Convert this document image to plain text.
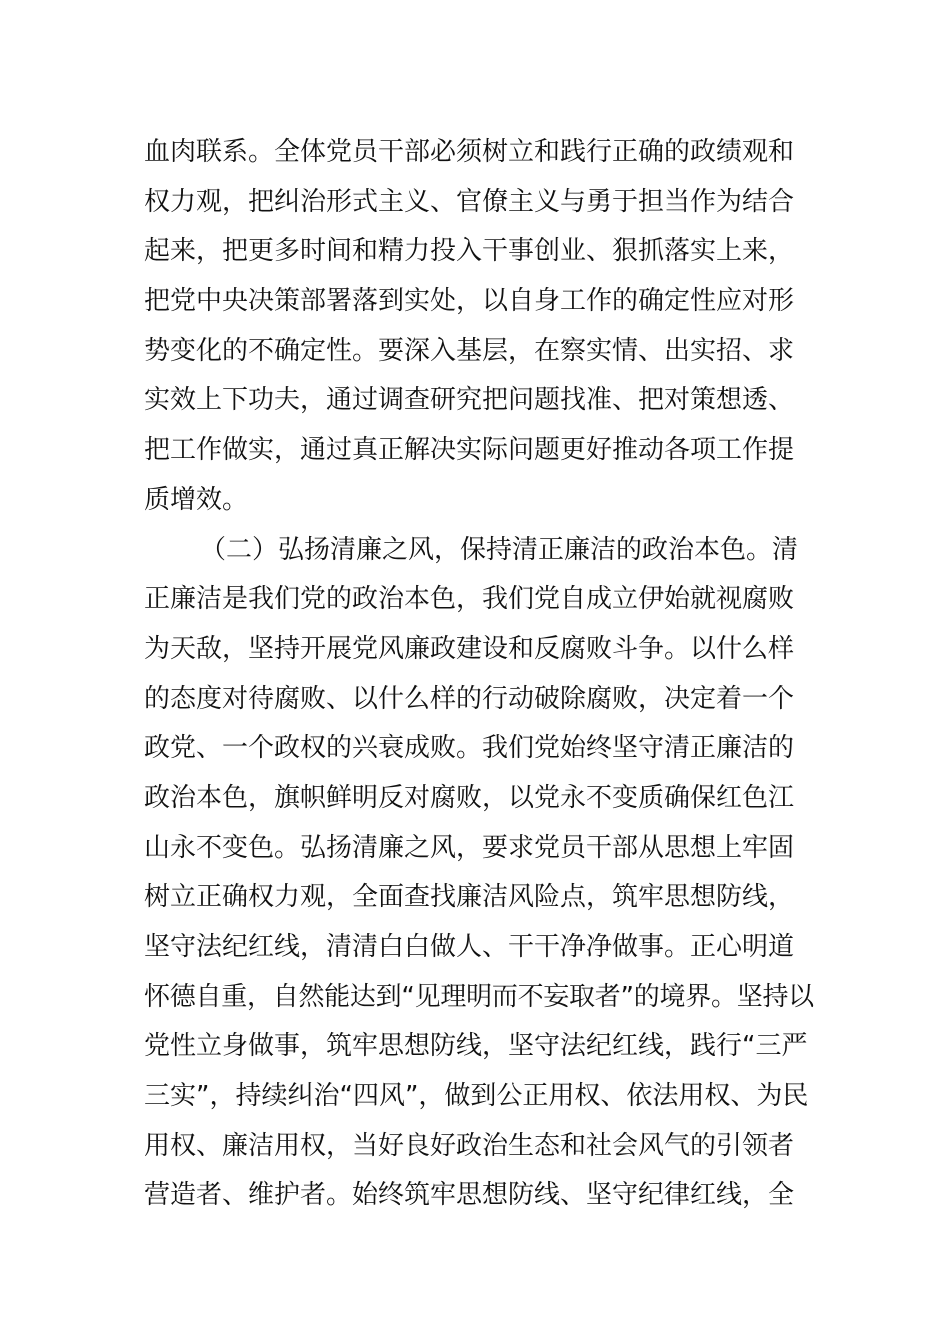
血肉联系。全体党员干部必须树立和践行正确的政绩观和
权力观，把纠治形式主义、官僚主义与勇于担当作为结合
起来，把更多时间和精力投入干事创业、狠抓落实上来，
把党中央决策部署落到实处，以自身工作的确定性应对形
势变化的不确定性。要深入基层，在察实情、出实招、求
实效上下功夫，通过调查研究把问题找准、把对策想透、
把工作做实，通过真正解决实际问题更好推动各项工作提
质增效。
（二）弘扬清廉之风，保持清正廉洁的政治本色。清
正廉洁是我们党的政治本色，我们党自成立伊始就视腐败
为天敌，坚持开展党风廉政建设和反腐败斗争。以什么样
的态度对待腐败、以什么样的行动破除腐败，决定着一个
政党、一个政权的兴衰成败。我们党始终坚守清正廉洁的
政治本色，旗帜鲜明反对腐败，以党永不变质确保红色江
山永不变色。弘扬清廉之风，要求党员干部从思想上牢固
树立正确权力观，全面查找廉洁风险点，筑牢思想防线，
坚守法纪红线，清清白白做人、干干净净做事。正心明道
怀德自重，自然能达到“见理明而不妄取者”的境界。坚持以
党性立身做事，筑牢思想防线，坚守法纪红线，践行“三严
三实”，持续纠治“四风”，做到公正用权、依法用权、为民
用权、廉洁用权，当好良好政治生态和社会风气的引领者
营造者、维护者。始终筑牢思想防线、坚守纪律红线，全
